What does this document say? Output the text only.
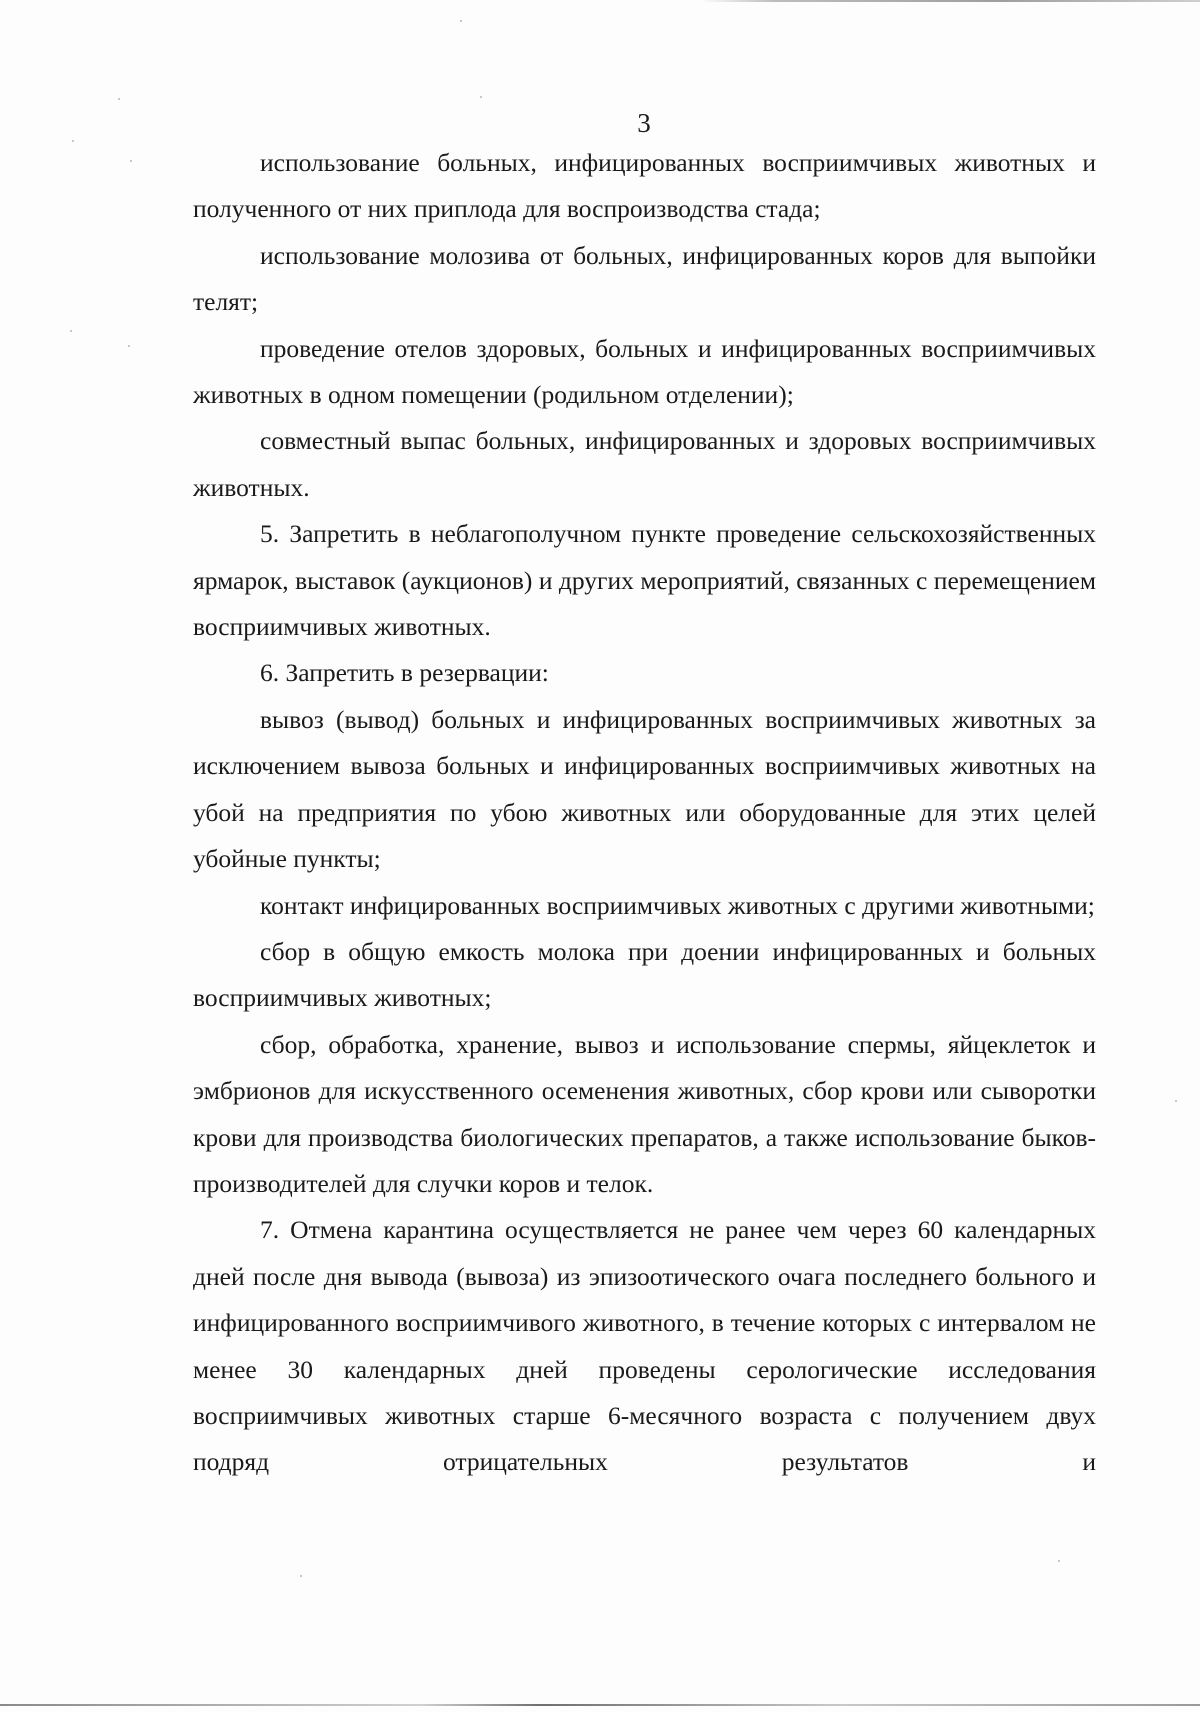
3

использование больных, инфицированных восприимчивых животных и полученного от них приплода для воспроизводства стада;

использование молозива от больных, инфицированных коров для выпойки телят;

проведение отелов здоровых, больных и инфицированных восприимчивых животных в одном помещении (родильном отделении);

совместный выпас больных, инфицированных и здоровых восприимчивых животных.

5. Запретить в неблагополучном пункте проведение сельскохозяйственных ярмарок, выставок (аукционов) и других мероприятий, связанных с перемещением восприимчивых животных.

6. Запретить в резервации:

вывоз (вывод) больных и инфицированных восприимчивых животных за исключением вывоза больных и инфицированных восприимчивых животных на убой на предприятия по убою животных или оборудованные для этих целей убойные пункты;

контакт инфицированных восприимчивых животных с другими животными;

сбор в общую емкость молока при доении инфицированных и больных восприимчивых животных;

сбор, обработка, хранение, вывоз и использование спермы, яйцеклеток и эмбрионов для искусственного осеменения животных, сбор крови или сыворотки крови для производства биологических препаратов, а также использование быков-производителей для случки коров и телок.

7. Отмена карантина осуществляется не ранее чем через 60 календарных дней после дня вывода (вывоза) из эпизоотического очага последнего больного и инфицированного восприимчивого животного, в течение которых с интервалом не менее 30 календарных дней проведены серологические исследования восприимчивых животных старше 6-месячного возраста с получением двух подряд отрицательных результатов и
